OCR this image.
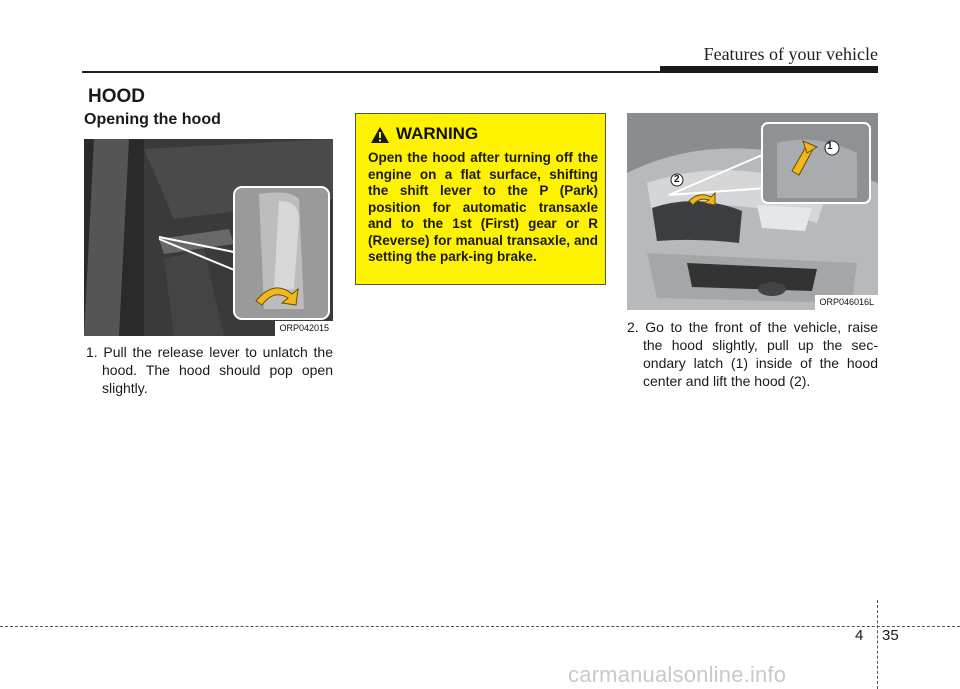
Features of your vehicle
HOOD
Opening the hood
ORP042015
WARNING
Open the hood after turning off the engine on a flat surface, shifting the shift lever to the P (Park) position for automatic transaxle and to the 1st (First) gear or R (Reverse) for manual transaxle, and setting the park-ing brake.
1
2
ORP046016L
1. Pull the release lever to unlatch the hood. The hood should pop open slightly.
2. Go to the front of the vehicle, raise the hood slightly, pull up the sec-ondary latch (1) inside of the hood center and lift the hood (2).
4 35
carmanualsonline.info
